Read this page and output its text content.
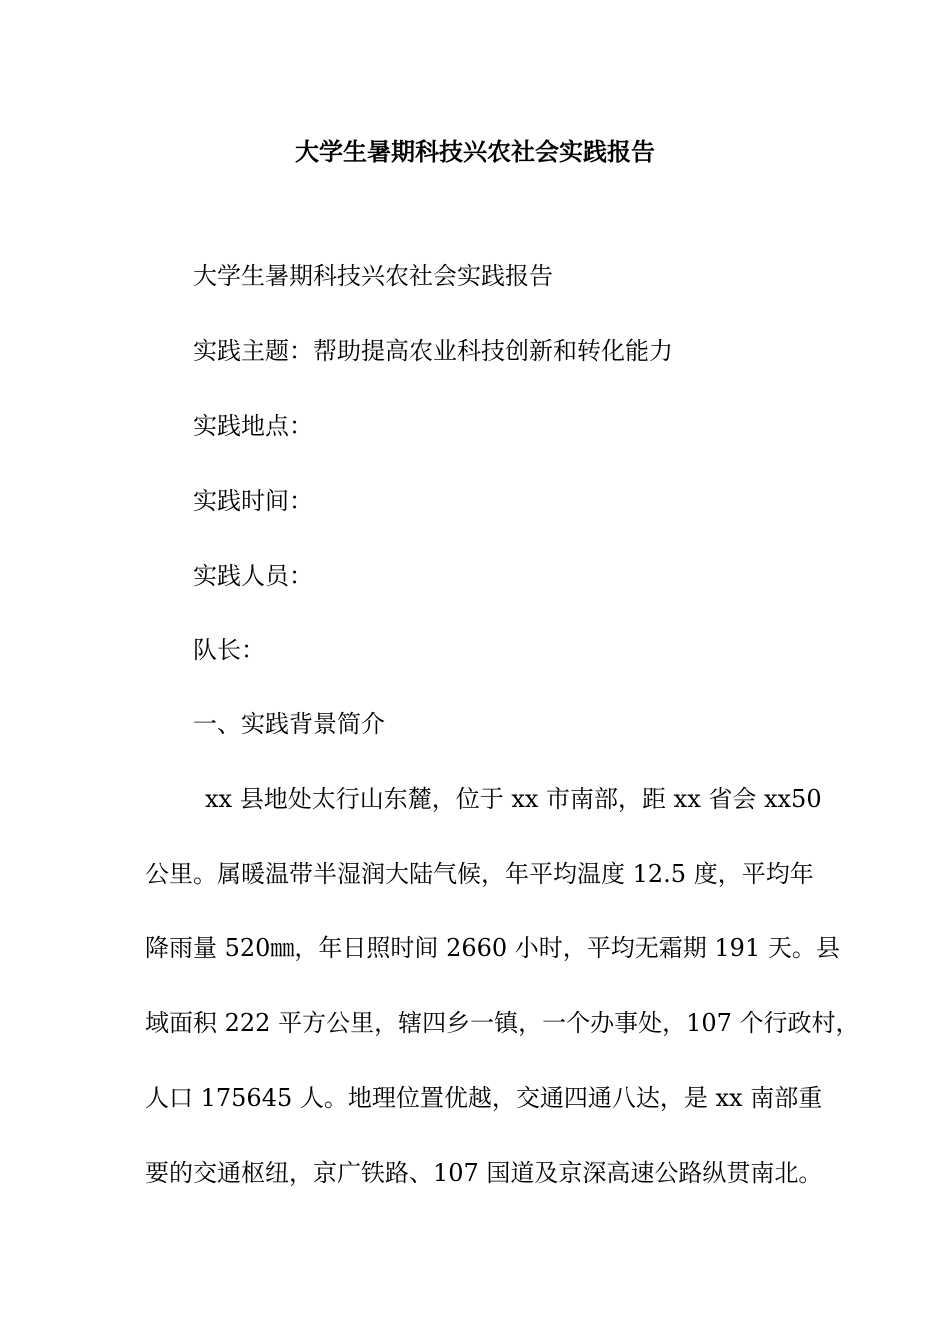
大学生暑期科技兴农社会实践报告
大学生暑期科技兴农社会实践报告
实践主题：帮助提高农业科技创新和转化能力
实践地点：
实践时间：
实践人员：
队长：
一、实践背景简介
xx 县地处太行山东麓，位于 xx 市南部，距 xx 省会 xx50
公里。属暖温带半湿润大陆气候，年平均温度 12.5 度，平均年
降雨量 520㎜，年日照时间 2660 小时，平均无霜期 191 天。县
域面积 222 平方公里，辖四乡一镇，一个办事处，107 个行政村，
人口 175645 人。地理位置优越，交通四通八达，是 xx 南部重
要的交通枢纽，京广铁路、107 国道及京深高速公路纵贯南北。
